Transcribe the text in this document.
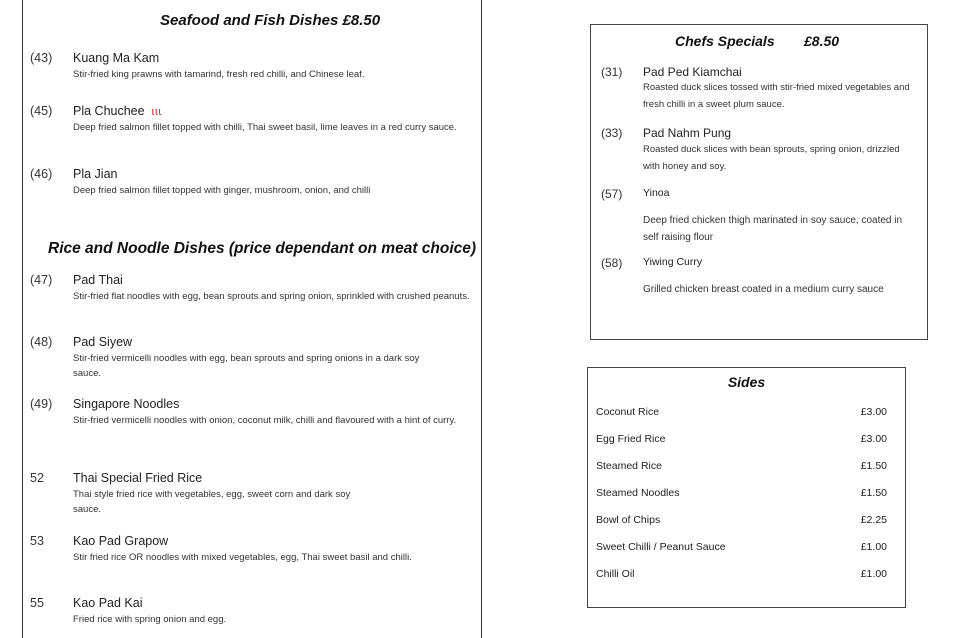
Seafood and Fish Dishes £8.50
(43) Kuang Ma Kam
Stir-fried king prawns with tamarind, fresh red chilli, and Chinese leaf.
(45) Pla Chuchee ɩɩɩ
Deep fried salmon fillet topped with chilli, Thai sweet basil, lime leaves in a red curry sauce.
(46) Pla Jian
Deep fried salmon fillet topped with ginger, mushroom, onion, and chilli
Rice and Noodle Dishes (price dependant on meat choice)
(47) Pad Thai
Stir-fried flat noodles with egg, bean sprouts and spring onion, sprinkled with crushed peanuts.
(48) Pad Siyew
Stir-fried vermicelli noodles with egg, bean sprouts and spring onions in a dark soy sauce.
(49) Singapore Noodles
Stir-fried vermicelli noodles with onion, coconut milk, chilli and flavoured with a hint of curry.
52 Thai Special Fried Rice
Thai style fried rice with vegetables, egg, sweet corn and dark soy sauce.
53 Kao Pad Grapow
Stir fried rice OR noodles with mixed vegetables, egg, Thai sweet basil and chilli.
55 Kao Pad Kai
Fried rice with spring onion and egg.
Chefs Specials £8.50
(31) Pad Ped Kiamchai
Roasted duck slices tossed with stir-fried mixed vegetables and fresh chilli in a sweet plum sauce.
(33) Pad Nahm Pung
Roasted duck slices with bean sprouts, spring onion, drizzled with honey and soy.
(57) Yinoa
Deep fried chicken thigh marinated in soy sauce, coated in self raising flour
(58) Yiwing Curry
Grilled chicken breast coated in a medium curry sauce
Sides
Coconut Rice	£3.00
Egg Fried Rice	£3.00
Steamed Rice	£1.50
Steamed Noodles	£1.50
Bowl of Chips	£2.25
Sweet Chilli / Peanut Sauce	£1.00
Chilli Oil	£1.00
